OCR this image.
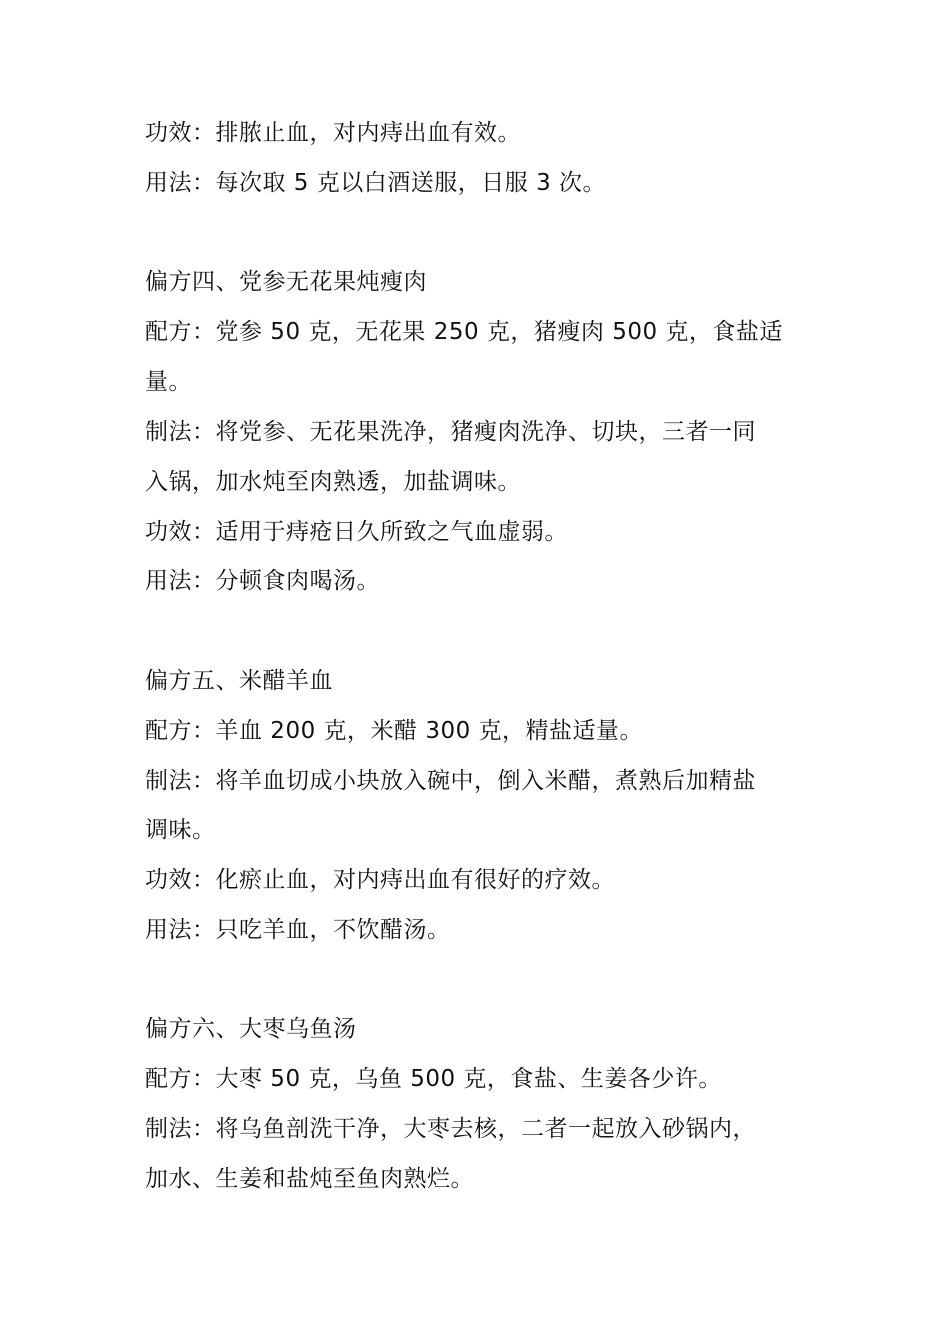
功效：排脓止血，对内痔出血有效。
用法：每次取 5 克以白酒送服，日服 3 次。
偏方四、党参无花果炖瘦肉
配方：党参 50 克，无花果 250 克，猪瘦肉 500 克，食盐适
量。
制法：将党参、无花果洗净，猪瘦肉洗净、切块，三者一同
入锅，加水炖至肉熟透，加盐调味。
功效：适用于痔疮日久所致之气血虚弱。
用法：分顿食肉喝汤。
偏方五、米醋羊血
配方：羊血 200 克，米醋 300 克，精盐适量。
制法：将羊血切成小块放入碗中，倒入米醋，煮熟后加精盐
调味。
功效：化瘀止血，对内痔出血有很好的疗效。
用法：只吃羊血，不饮醋汤。
偏方六、大枣乌鱼汤
配方：大枣 50 克，乌鱼 500 克，食盐、生姜各少许。
制法：将乌鱼剖洗干净，大枣去核，二者一起放入砂锅内，
加水、生姜和盐炖至鱼肉熟烂。
